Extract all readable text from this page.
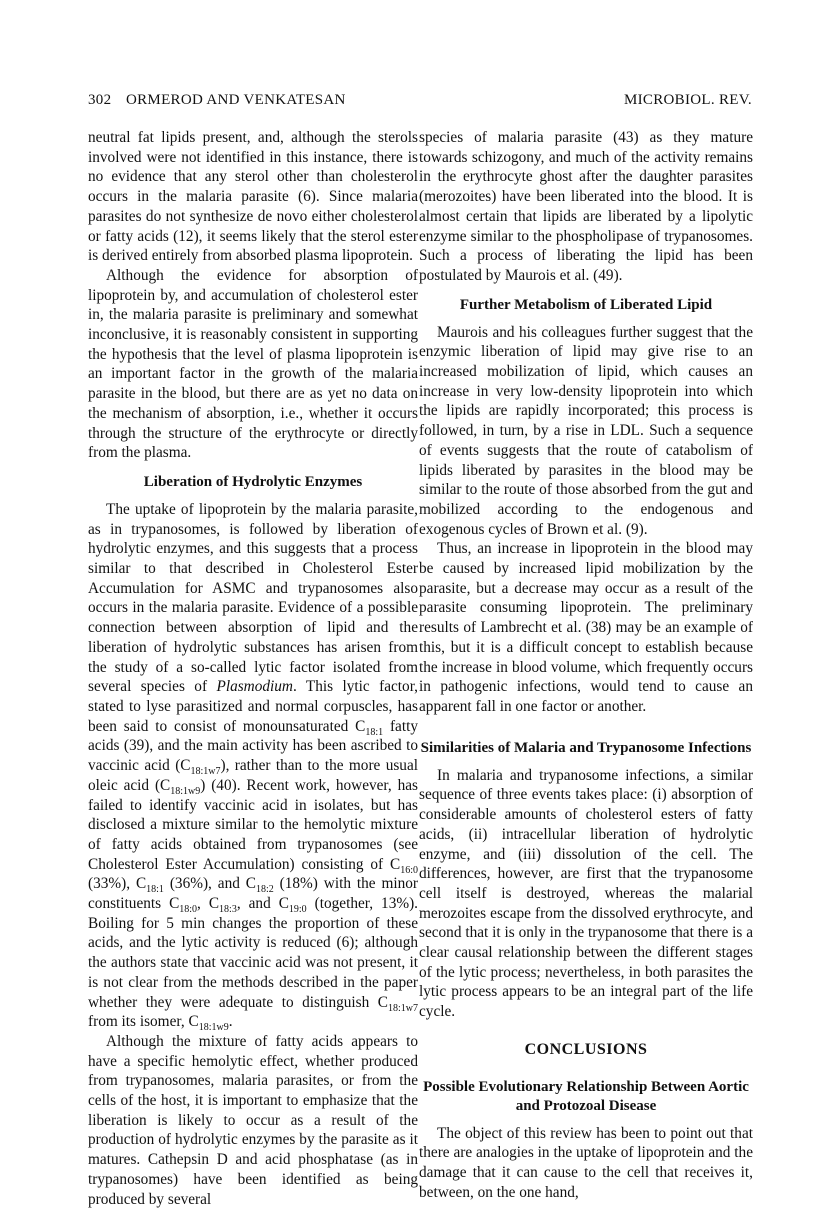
302 ORMEROD AND VENKATESAN	MICROBIOL. REV.

neutral fat lipids present, and, although the sterols involved were not identified in this instance, there is no evidence that any sterol other than cholesterol occurs in the malaria parasite (6). Since malaria parasites do not synthesize de novo either cholesterol or fatty acids (12), it seems likely that the sterol ester is derived entirely from absorbed plasma lipoprotein.

Although the evidence for absorption of lipoprotein by, and accumulation of cholesterol ester in, the malaria parasite is preliminary and somewhat inconclusive, it is reasonably consistent in supporting the hypothesis that the level of plasma lipoprotein is an important factor in the growth of the malaria parasite in the blood, but there are as yet no data on the mechanism of absorption, i.e., whether it occurs through the structure of the erythrocyte or directly from the plasma.

Liberation of Hydrolytic Enzymes

The uptake of lipoprotein by the malaria parasite, as in trypanosomes, is followed by liberation of hydrolytic enzymes, and this suggests that a process similar to that described in Cholesterol Ester Accumulation for ASMC and trypanosomes also occurs in the malaria parasite. Evidence of a possible connection between absorption of lipid and the liberation of hydrolytic substances has arisen from the study of a so-called lytic factor isolated from several species of Plasmodium. This lytic factor, stated to lyse parasitized and normal corpuscles, has been said to consist of monounsaturated $C_{18:1}$ fatty acids (39), and the main activity has been ascribed to vaccinic acid $(C_{18:1w7})$, rather than to the more usual oleic acid $(C_{18:1w9})$ (40). Recent work, however, has failed to identify vaccinic acid in isolates, but has disclosed a mixture similar to the hemolytic mixture of fatty acids obtained from trypanosomes (see Cholesterol Ester Accumulation) consisting of $C_{16:0}$ (33%), $C_{18:1}$ (36%), and $C_{18:2}$ (18%) with the minor constituents $C_{18:0}$, $C_{18:3}$, and $C_{19:0}$ (together, 13%). Boiling for 5 min changes the proportion of these acids, and the lytic activity is reduced (6); although the authors state that vaccinic acid was not present, it is not clear from the methods described in the paper whether they were adequate to distinguish $C_{18:1w7}$ from its isomer, $C_{18:1w9}$.

Although the mixture of fatty acids appears to have a specific hemolytic effect, whether produced from trypanosomes, malaria parasites, or from the cells of the host, it is important to emphasize that the liberation is likely to occur as a result of the production of hydrolytic enzymes by the parasite as it matures. Cathepsin D and acid phosphatase (as in trypanosomes) have been identified as being produced by several

species of malaria parasite (43) as they mature towards schizogony, and much of the activity remains in the erythrocyte ghost after the daughter parasites (merozoites) have been liberated into the blood. It is almost certain that lipids are liberated by a lipolytic enzyme similar to the phospholipase of trypanosomes. Such a process of liberating the lipid has been postulated by Maurois et al. (49).

Further Metabolism of Liberated Lipid

Maurois and his colleagues further suggest that the enzymic liberation of lipid may give rise to an increased mobilization of lipid, which causes an increase in very low-density lipoprotein into which the lipids are rapidly incorporated; this process is followed, in turn, by a rise in LDL. Such a sequence of events suggests that the route of catabolism of lipids liberated by parasites in the blood may be similar to the route of those absorbed from the gut and mobilized according to the endogenous and exogenous cycles of Brown et al. (9).

Thus, an increase in lipoprotein in the blood may be caused by increased lipid mobilization by the parasite, but a decrease may occur as a result of the parasite consuming lipoprotein. The preliminary results of Lambrecht et al. (38) may be an example of this, but it is a difficult concept to establish because the increase in blood volume, which frequently occurs in pathogenic infections, would tend to cause an apparent fall in one factor or another.

Similarities of Malaria and Trypanosome Infections

In malaria and trypanosome infections, a similar sequence of three events takes place: (i) absorption of considerable amounts of cholesterol esters of fatty acids, (ii) intracellular liberation of hydrolytic enzyme, and (iii) dissolution of the cell. The differences, however, are first that the trypanosome cell itself is destroyed, whereas the malarial merozoites escape from the dissolved erythrocyte, and second that it is only in the trypanosome that there is a clear causal relationship between the different stages of the lytic process; nevertheless, in both parasites the lytic process appears to be an integral part of the life cycle.

CONCLUSIONS
Possible Evolutionary Relationship Between Aortic and Protozoal Disease

The object of this review has been to point out that there are analogies in the uptake of lipoprotein and the damage that it can cause to the cell that receives it, between, on the one hand,
